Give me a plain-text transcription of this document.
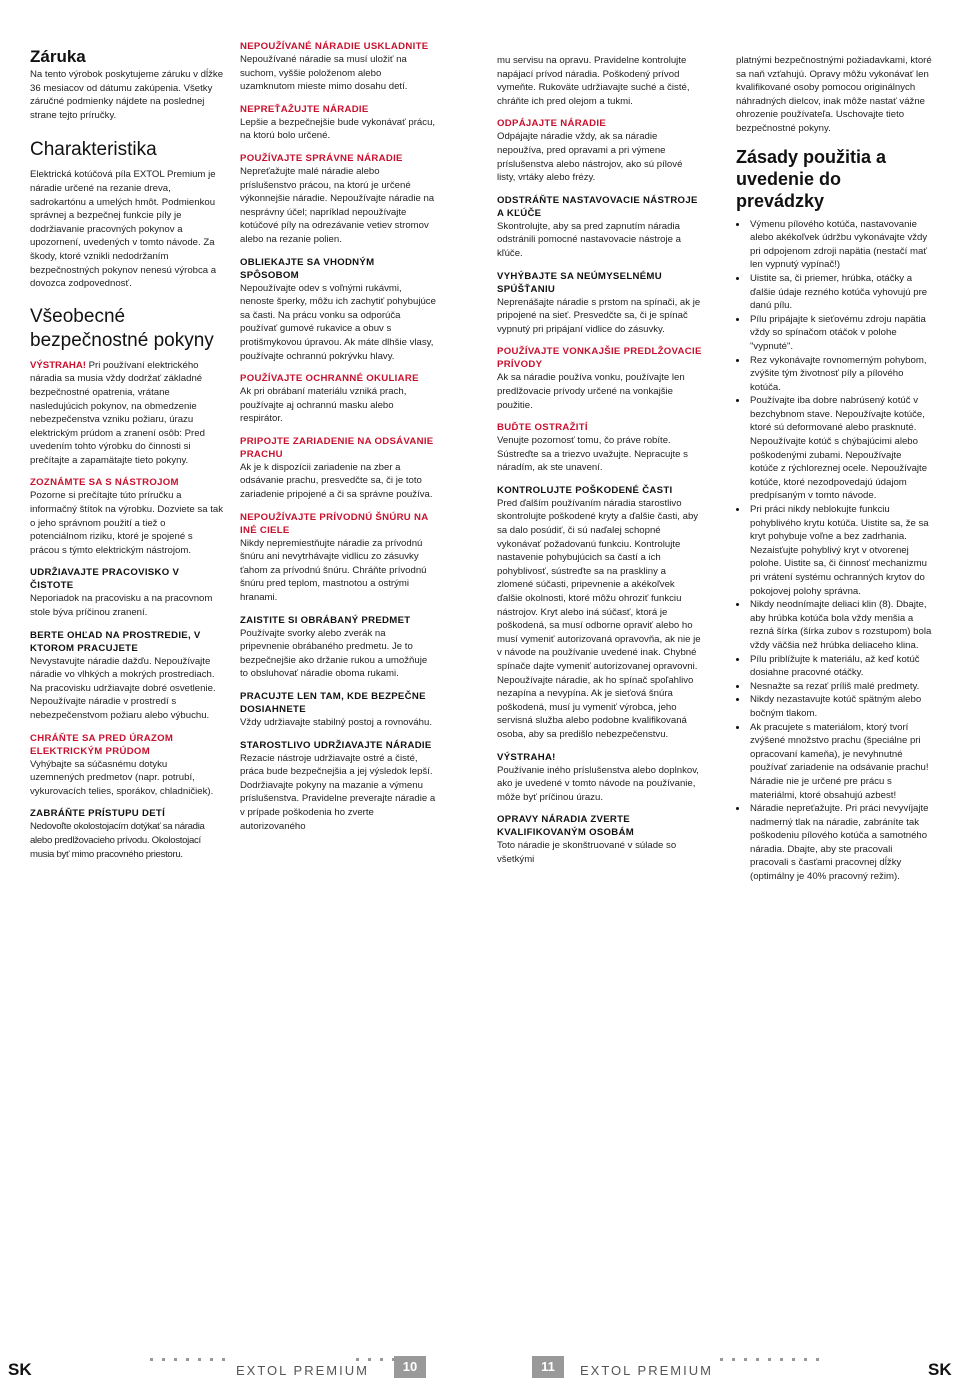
Záruka

Na tento výrobok poskytujeme záruku v dĺžke 36 mesiacov od dátumu zakúpenia. Všetky záručné podmienky nájdete na poslednej strane tejto príručky.

Charakteristika

Elektrická kotúčová píla EXTOL Premium je náradie určené na rezanie dreva, sadrokartónu a umelých hmôt. Podmienkou správnej a bezpečnej funkcie píly je dodržiavanie pracovných pokynov a upozornení, uvedených v tomto návode. Za škody, ktoré vznikli nedodržaním bezpečnostných pokynov nenesú výrobca a dovozca zodpovednosť.

Všeobecné bezpečnostné pokyny

VÝSTRAHA! Pri používaní elektrického náradia sa musia vždy dodržať základné bezpečnostné opatrenia, vrátane nasledujúcich pokynov, na obmedzenie nebezpečenstva vzniku požiaru, úrazu elektrickým prúdom a zranení osôb: Pred uvedením tohto výrobku do činnosti si prečítajte a zapamätajte tieto pokyny.

ZOZNÁMTE SA S NÁSTROJOM

Pozorne si prečítajte túto príručku a informačný štítok na výrobku. Dozviete sa tak o jeho správnom použití a tiež o potenciálnom riziku, ktoré je spojené s prácou s týmto elektrickým nástrojom.

UDRŽIAVAJTE PRACOVISKO V ČISTOTE

Neporiadok na pracovisku a na pracovnom stole býva príčinou zranení.

BERTE OHĽAD NA PROSTREDIE, V KTOROM PRACUJETE

Nevystavujte náradie dažďu. Nepoužívajte náradie vo vlhkých a mokrých prostrediach. Na pracovisku udržiavajte dobré osvetlenie. Nepoužívajte náradie v prostredí s nebezpečenstvom požiaru alebo výbuchu.

CHRÁŇTE SA PRED ÚRAZOM ELEKTRICKÝM PRÚDOM

Vyhýbajte sa súčasnému dotyku uzemnených predmetov (napr. potrubí, vykurovacích telies, sporákov, chladničiek).

ZABRÁŇTE PRÍSTUPU DETÍ

Nedovoľte okolostojacím dotýkať sa náradia alebo predlžovacieho prívodu. Okolostojací musia byť mimo pracovného priestoru.

NEPOUŽÍVANÉ NÁRADIE USKLADNITE

Nepoužívané náradie sa musí uložiť na suchom, vyššie položenom alebo uzamknutom mieste mimo dosahu detí.

NEPREŤAŽUJTE NÁRADIE

Lepšie a bezpečnejšie bude vykonávať prácu, na ktorú bolo určené.

POUŽÍVAJTE SPRÁVNE NÁRADIE

Nepreťažujte malé náradie alebo príslušenstvo prácou, na ktorú je určené výkonnejšie náradie. Nepoužívajte náradie na nesprávny účel; napríklad nepoužívajte kotúčové píly na odrezávanie vetiev stromov alebo na rezanie polien.

OBLIEKAJTE SA VHODNÝM SPÔSOBOM

Nepoužívajte odev s voľnými rukávmi, nenoste šperky, môžu ich zachytiť pohybujúce sa časti. Na prácu vonku sa odporúča používať gumové rukavice a obuv s protišmykovou úpravou. Ak máte dlhšie vlasy, používajte ochrannú pokrývku hlavy.

POUŽÍVAJTE OCHRANNÉ OKULIARE

Ak pri obrábaní materiálu vzniká prach, používajte aj ochrannú masku alebo respirátor.

PRIPOJTE ZARIADENIE NA ODSÁVANIE PRACHU

Ak je k dispozícii zariadenie na zber a odsávanie prachu, presvedčte sa, či je toto zariadenie pripojené a či sa správne používa.

NEPOUŽÍVAJTE PRÍVODNÚ ŠNÚRU NA INÉ CIELE

Nikdy nepremiestňujte náradie za prívodnú šnúru ani nevytrhávajte vidlicu zo zásuvky ťahom za prívodnú šnúru. Chráňte prívodnú šnúru pred teplom, mastnotou a ostrými hranami.

ZAISTITE SI OBRÁBANÝ PREDMET

Používajte svorky alebo zverák na pripevnenie obrábaného predmetu. Je to bezpečnejšie ako držanie rukou a umožňuje to obsluhovať náradie oboma rukami.

PRACUJTE LEN TAM, KDE BEZPEČNE DOSIAHNETE

Vždy udržiavajte stabilný postoj a rovnováhu.

STAROSTLIVO UDRŽIAVAJTE NÁRADIE

Rezacie nástroje udržiavajte ostré a čisté, práca bude bezpečnejšia a jej výsledok lepší. Dodržiavajte pokyny na mazanie a výmenu príslušenstva. Pravidelne preverajte náradie a v prípade poškodenia ho zverte autorizovaného

mu servisu na opravu. Pravidelne kontrolujte napájací prívod náradia. Poškodený prívod vymeňte. Rukoväte udržiavajte suché a čisté, chráňte ich pred olejom a tukmi.

ODPÁJAJTE NÁRADIE

Odpájajte náradie vždy, ak sa náradie nepoužíva, pred opravami a pri výmene príslušenstva alebo nástrojov, ako sú pílové listy, vrtáky alebo frézy.

ODSTRÁŇTE NASTAVOVACIE NÁSTROJE A KĽÚČE

Skontrolujte, aby sa pred zapnutím náradia odstránili pomocné nastavovacie nástroje a kľúče.

VYHÝBAJTE SA NEÚMYSELNÉMU SPÚŠŤANIU

Neprenášajte náradie s prstom na spínači, ak je pripojené na sieť. Presvedčte sa, či je spínač vypnutý pri pripájaní vidlice do zásuvky.

POUŽÍVAJTE VONKAJŠIE PREDLŽOVACIE PRÍVODY

Ak sa náradie používa vonku, používajte len predlžovacie prívody určené na vonkajšie použitie.

BUĎTE OSTRAŽITÍ

Venujte pozornosť tomu, čo práve robíte. Sústreďte sa a triezvo uvažujte. Nepracujte s náradím, ak ste unavení.

KONTROLUJTE POŠKODENÉ ČASTI

Pred ďalším používaním náradia starostlivo skontrolujte poškodené kryty a ďalšie časti, aby sa dalo posúdiť, či sú naďalej schopné vykonávať požadovanú funkciu. Kontrolujte nastavenie pohybujúcich sa častí a ich pohyblivosť, sústreďte sa na praskliny a zlomené súčasti, pripevnenie a akékoľvek ďalšie okolnosti, ktoré môžu ohroziť funkciu nástrojov. Kryt alebo iná súčasť, ktorá je poškodená, sa musí odborne opraviť alebo ho musí vymeniť autorizovaná opravovňa, ak nie je v návode na používanie uvedené inak. Chybné spínače dajte vymeniť autorizovanej opravovni. Nepoužívajte náradie, ak ho spínač spoľahlivo nezapína a nevypína. Ak je sieťová šnúra poškodená, musí ju vymeniť výrobca, jeho servisná služba alebo podobne kvalifikovaná osoba, aby sa predišlo nebezpečenstvu.

VÝSTRAHA!

Používanie iného príslušenstva alebo doplnkov, ako je uvedené v tomto návode na používanie, môže byť príčinou úrazu.

OPRAVY NÁRADIA ZVERTE KVALIFIKOVANÝM OSOBÁM

Toto náradie je skonštruované v súlade so všetkými

platnými bezpečnostnými požiadavkami, ktoré sa naň vzťahujú. Opravy môžu vykonávať len kvalifikované osoby pomocou originálnych náhradných dielcov, inak môže nastať vážne ohrozenie používateľa. Uschovajte tieto bezpečnostné pokyny.

Zásady použitia a uvedenie do prevádzky
• Výmenu pílového kotúča, nastavovanie alebo akékoľvek údržbu vykonávajte vždy pri odpojenom zdroji napätia (nestačí mať len vypnutý vypínač!)
• Uistite sa, či priemer, hrúbka, otáčky a ďalšie údaje rezného kotúča vyhovujú pre danú pílu.
• Pílu pripájajte k sieťovému zdroju napätia vždy so spínačom otáčok v polohe "vypnuté".
• Rez vykonávajte rovnomerným pohybom, zvýšite tým životnosť píly a pílového kotúča.
• Používajte iba dobre nabrúsený kotúč v bezchybnom stave. Nepoužívajte kotúče, ktoré sú deformované alebo prasknuté. Nepoužívajte kotúč s chýbajúcimi alebo poškodenými zubami. Nepoužívajte kotúče z rýchloreznej ocele. Nepoužívajte kotúče, ktoré nezodpovedajú údajom predpísaným v tomto návode.
• Pri práci nikdy neblokujte funkciu pohyblivého krytu kotúča. Uistite sa, že sa kryt pohybuje voľne a bez zadrhania. Nezaisťujte pohyblivý kryt v otvorenej polohe. Uistite sa, či činnosť mechanizmu pri vrátení systému ochranných krytov do pokojovej polohy správna.
• Nikdy neodnímajte deliaci klin (8). Dbajte, aby hrúbka kotúča bola vždy menšia a rezná šírka (šírka zubov s rozstupom) bola vždy väčšia než hrúbka deliaceho klina.
• Pílu priblížujte k materiálu, až keď kotúč dosiahne pracovné otáčky.
• Nesnažte sa rezať príliš malé predmety.
• Nikdy nezastavujte kotúč spätným alebo bočným tlakom.
• Ak pracujete s materiálom, ktorý tvorí zvýšené množstvo prachu (špeciálne pri opracovaní kameňa), je nevyhnutné používať zariadenie na odsávanie prachu! Náradie nie je určené pre prácu s materiálmi, ktoré obsahujú azbest!
• Náradie nepreťažujte. Pri práci nevyvíjajte nadmerný tlak na náradie, zabráníte tak poškodeniu pílového kotúča a samotného náradia. Dbajte, aby ste pracovali pracovali s časťami pracovnej dĺžky (optimálny je 40% pracovný režim).
SK	EXTOL PREMIUM	10	11	EXTOL PREMIUM	SK
